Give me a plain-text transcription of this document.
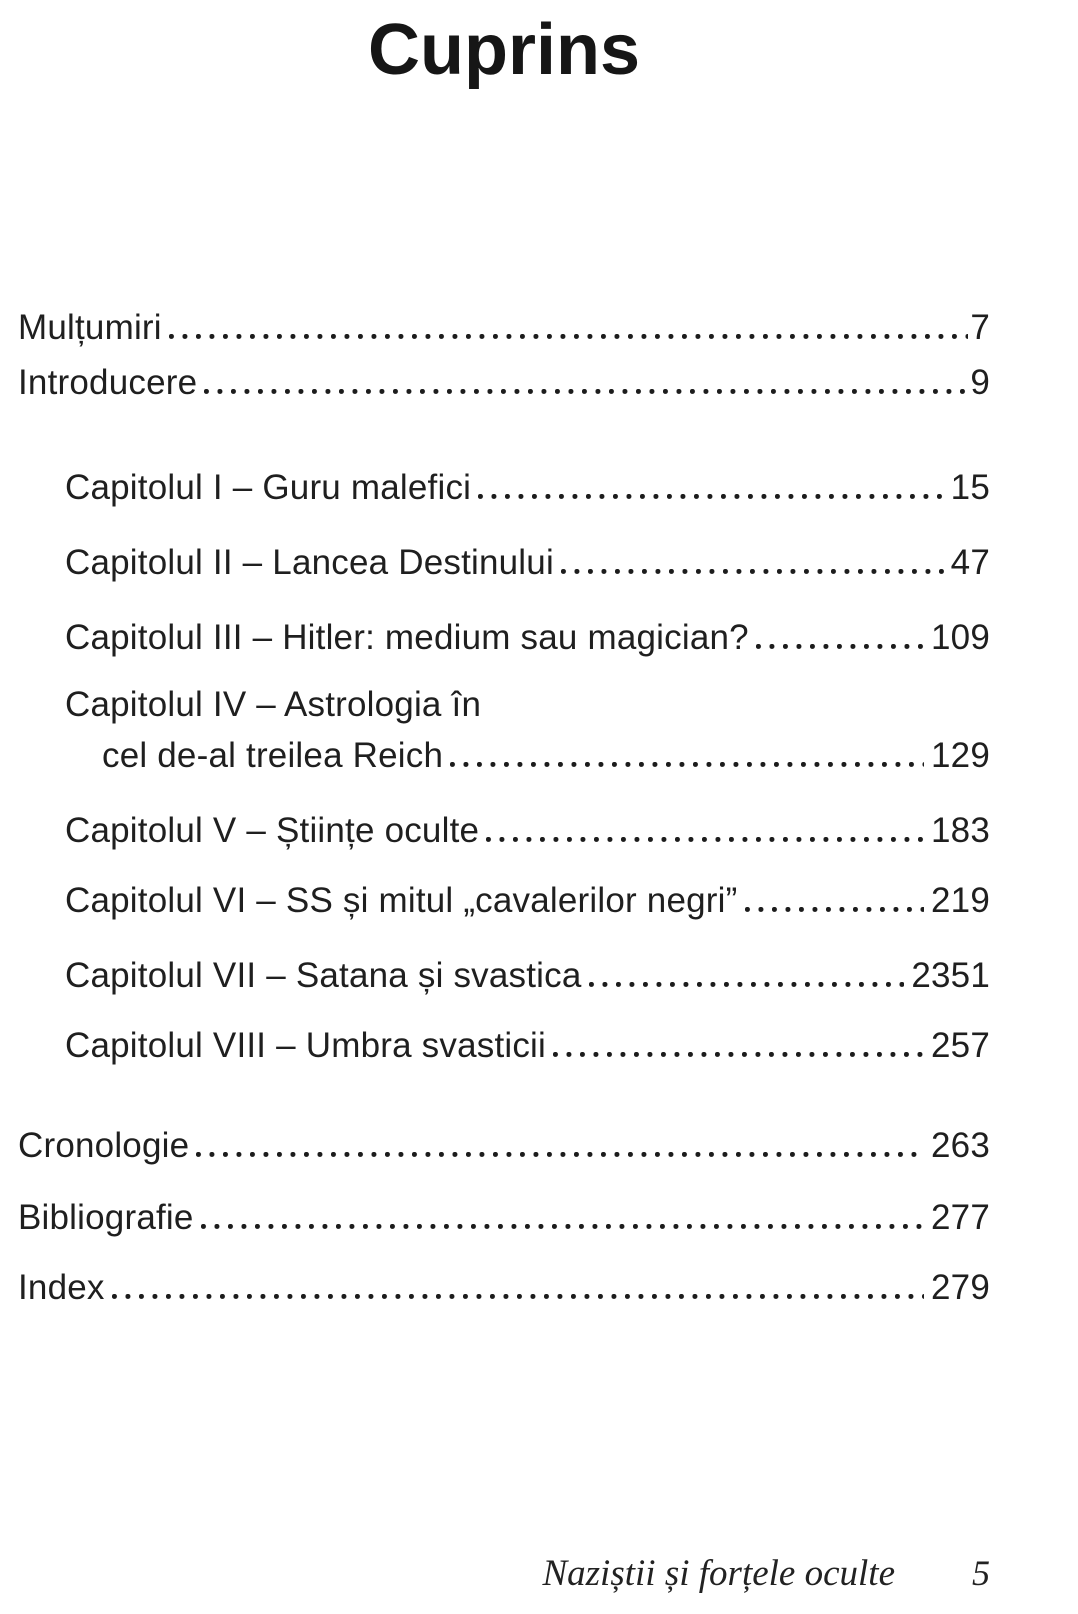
Cuprins
Mulțumiri	7
Introducere	9
Capitolul I – Guru malefici	15
Capitolul II – Lancea Destinului	47
Capitolul III – Hitler: medium sau magician?	109
Capitolul IV – Astrologia în
cel de-al treilea Reich	129
Capitolul V – Științe oculte	183
Capitolul VI – SS și mitul „cavalerilor negri”	219
Capitolul VII – Satana și svastica	2351
Capitolul VIII – Umbra svasticii	257
Cronologie	263
Bibliografie	277
Index	279
Naziștii și forțele oculte 5
